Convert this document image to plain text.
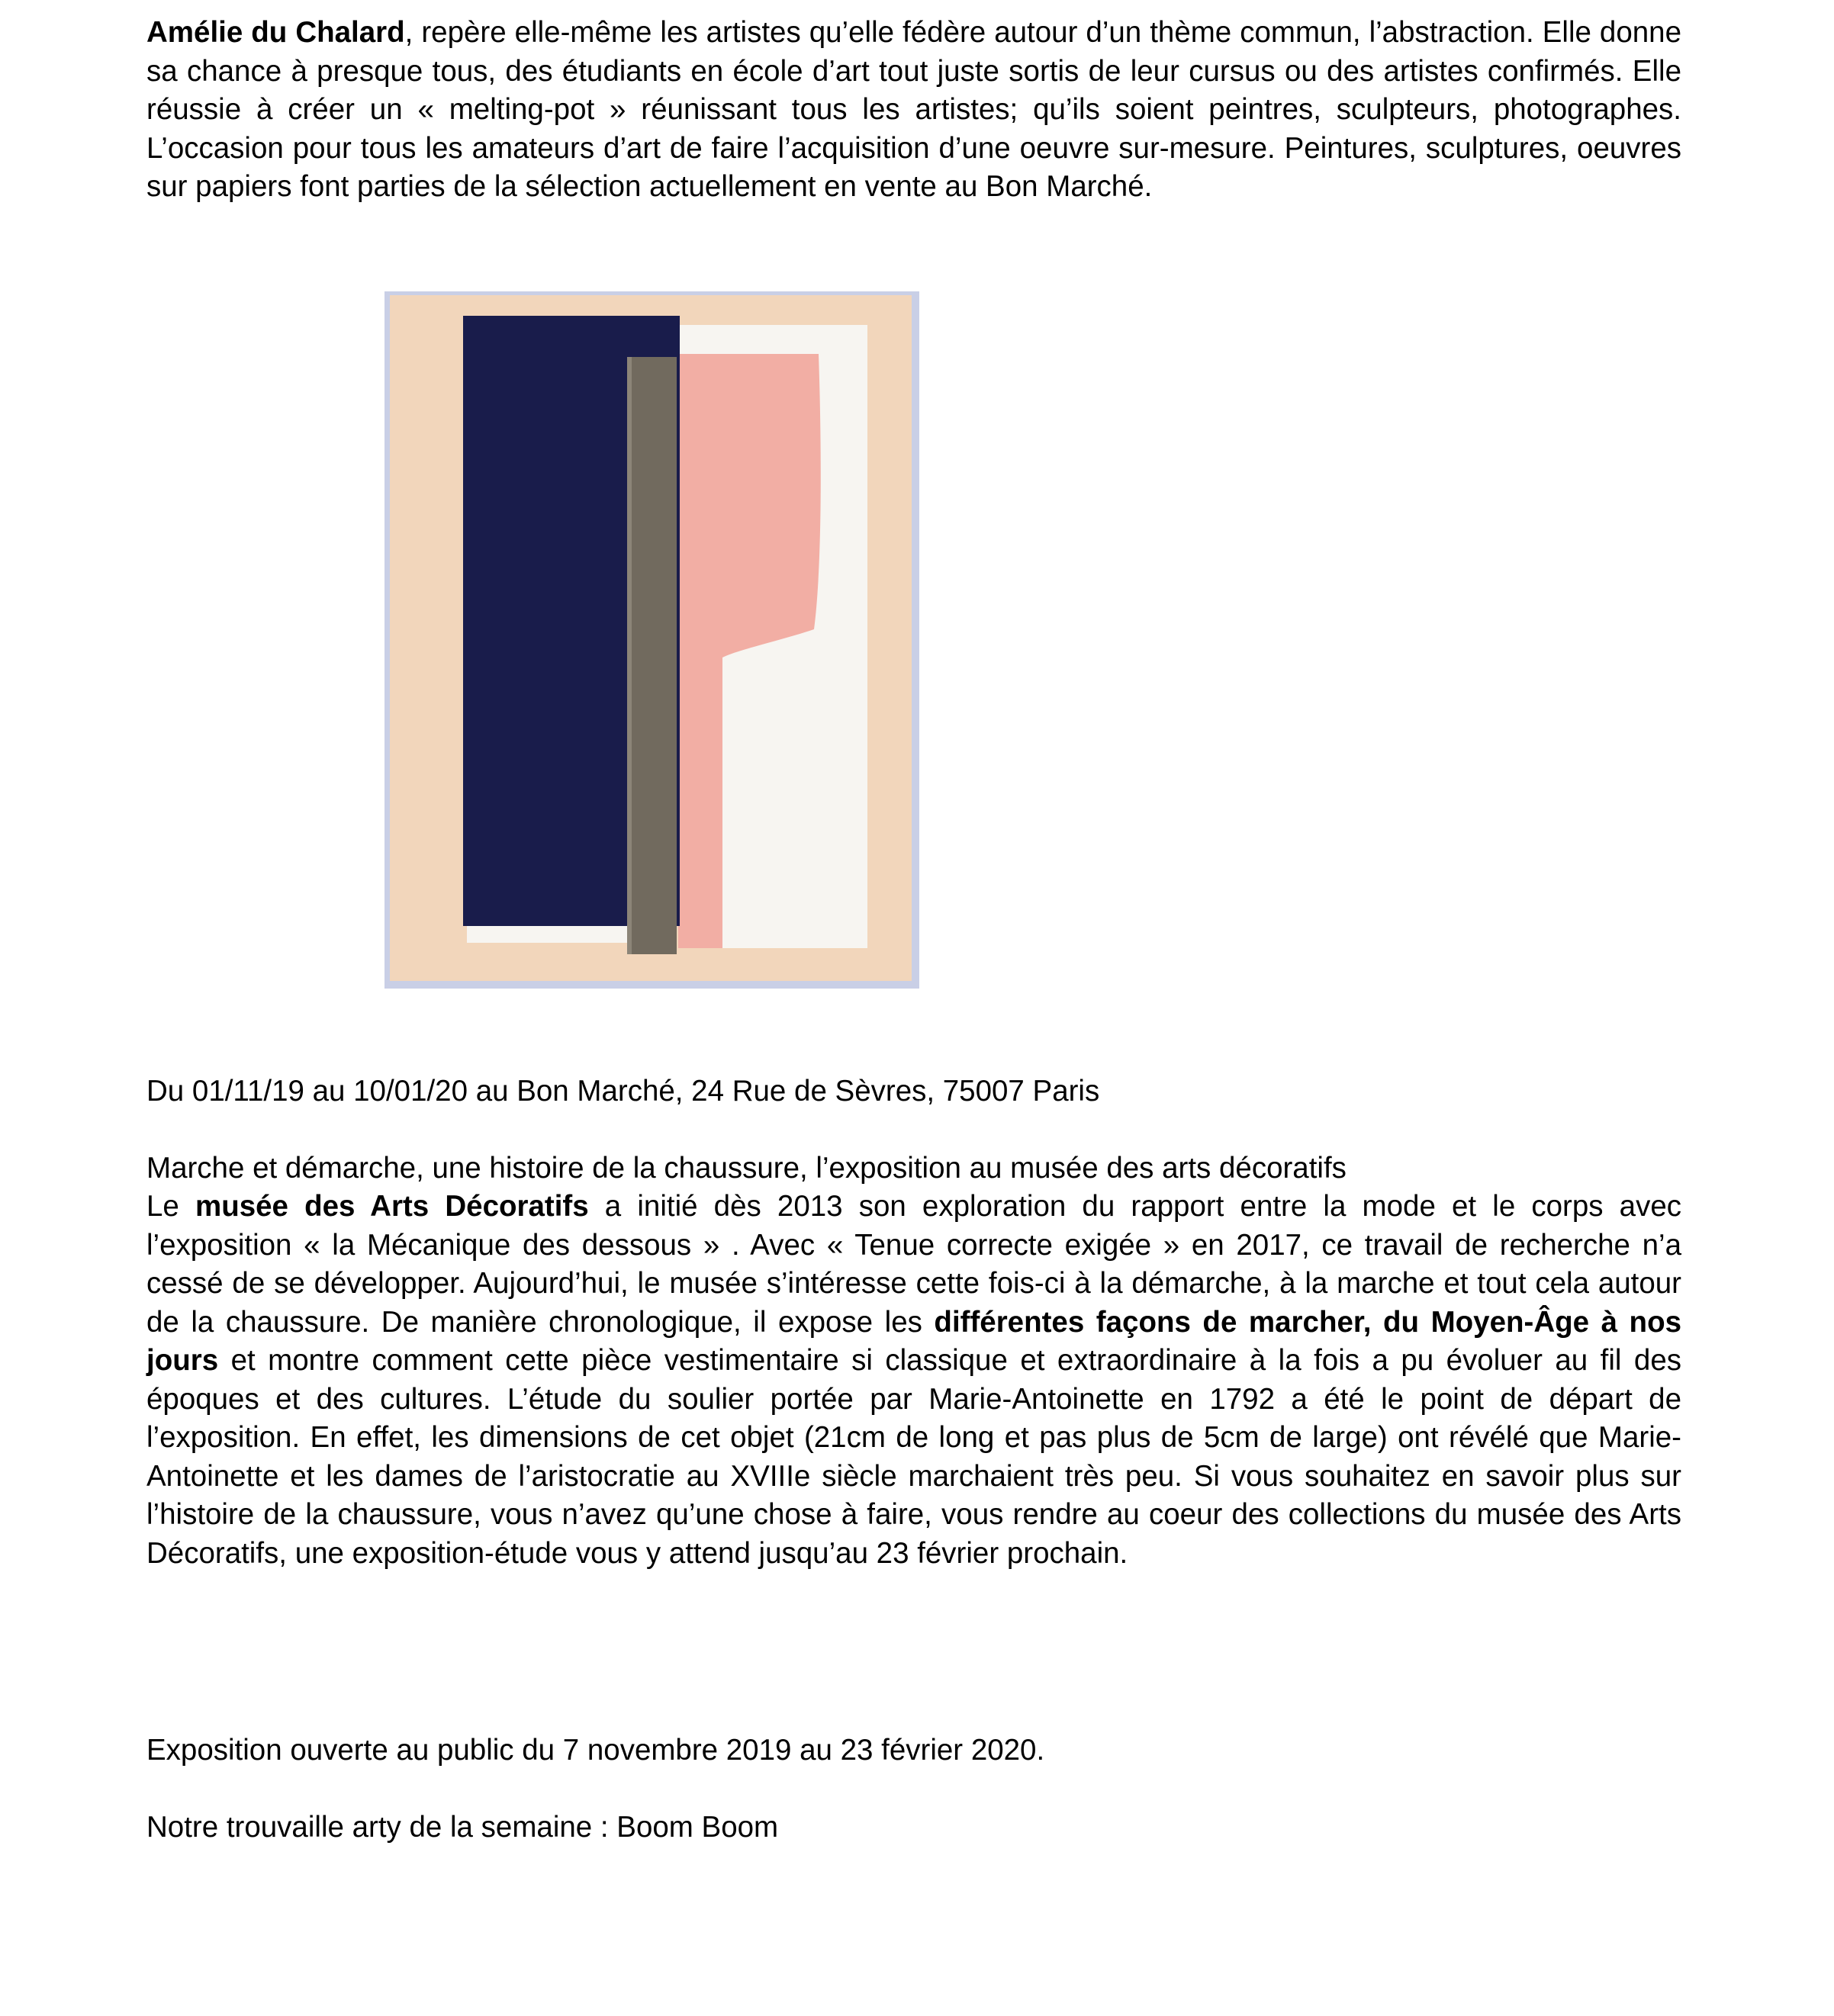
Amélie du Chalard, repère elle-même les artistes qu’elle fédère autour d’un thème commun, l’abstraction. Elle donne sa chance à presque tous, des étudiants en école d’art tout juste sortis de leur cursus ou des artistes confirmés. Elle réussie à créer un « melting-pot » réunissant tous les artistes; qu’ils soient peintres, sculpteurs, photographes. L’occasion pour tous les amateurs d’art de faire l’acquisition d’une oeuvre sur-mesure. Peintures, sculptures, oeuvres sur papiers font parties de la sélection actuellement en vente au Bon Marché.

Du 01/11/19 au 10/01/20 au Bon Marché, 24 Rue de Sèvres, 75007 Paris

Marche et démarche, une histoire de la chaussure, l’exposition au musée des arts décoratifs

Le musée des Arts Décoratifs a initié dès 2013 son exploration du rapport entre la mode et le corps avec l’exposition « la Mécanique des dessous » . Avec « Tenue correcte exigée » en 2017, ce travail de recherche n’a cessé de se développer. Aujourd’hui, le musée s’intéresse cette fois-ci à la démarche, à la marche et tout cela autour de la chaussure. De manière chronologique, il expose les différentes façons de marcher, du Moyen-Âge à nos jours et montre comment cette pièce vestimentaire si classique et extraordinaire à la fois a pu évoluer au fil des époques et des cultures. L’étude du soulier portée par Marie-Antoinette en 1792 a été le point de départ de l’exposition. En effet, les dimensions de cet objet (21cm de long et pas plus de 5cm de large) ont révélé que Marie-Antoinette et les dames de l’aristocratie au XVIIIe siècle marchaient très peu. Si vous souhaitez en savoir plus sur l’histoire de la chaussure, vous n’avez qu’une chose à faire, vous rendre au coeur des collections du musée des Arts Décoratifs, une exposition-étude vous y attend jusqu’au 23 février prochain.

Exposition ouverte au public du 7 novembre 2019 au 23 février 2020.

Notre trouvaille arty de la semaine : Boom Boom
